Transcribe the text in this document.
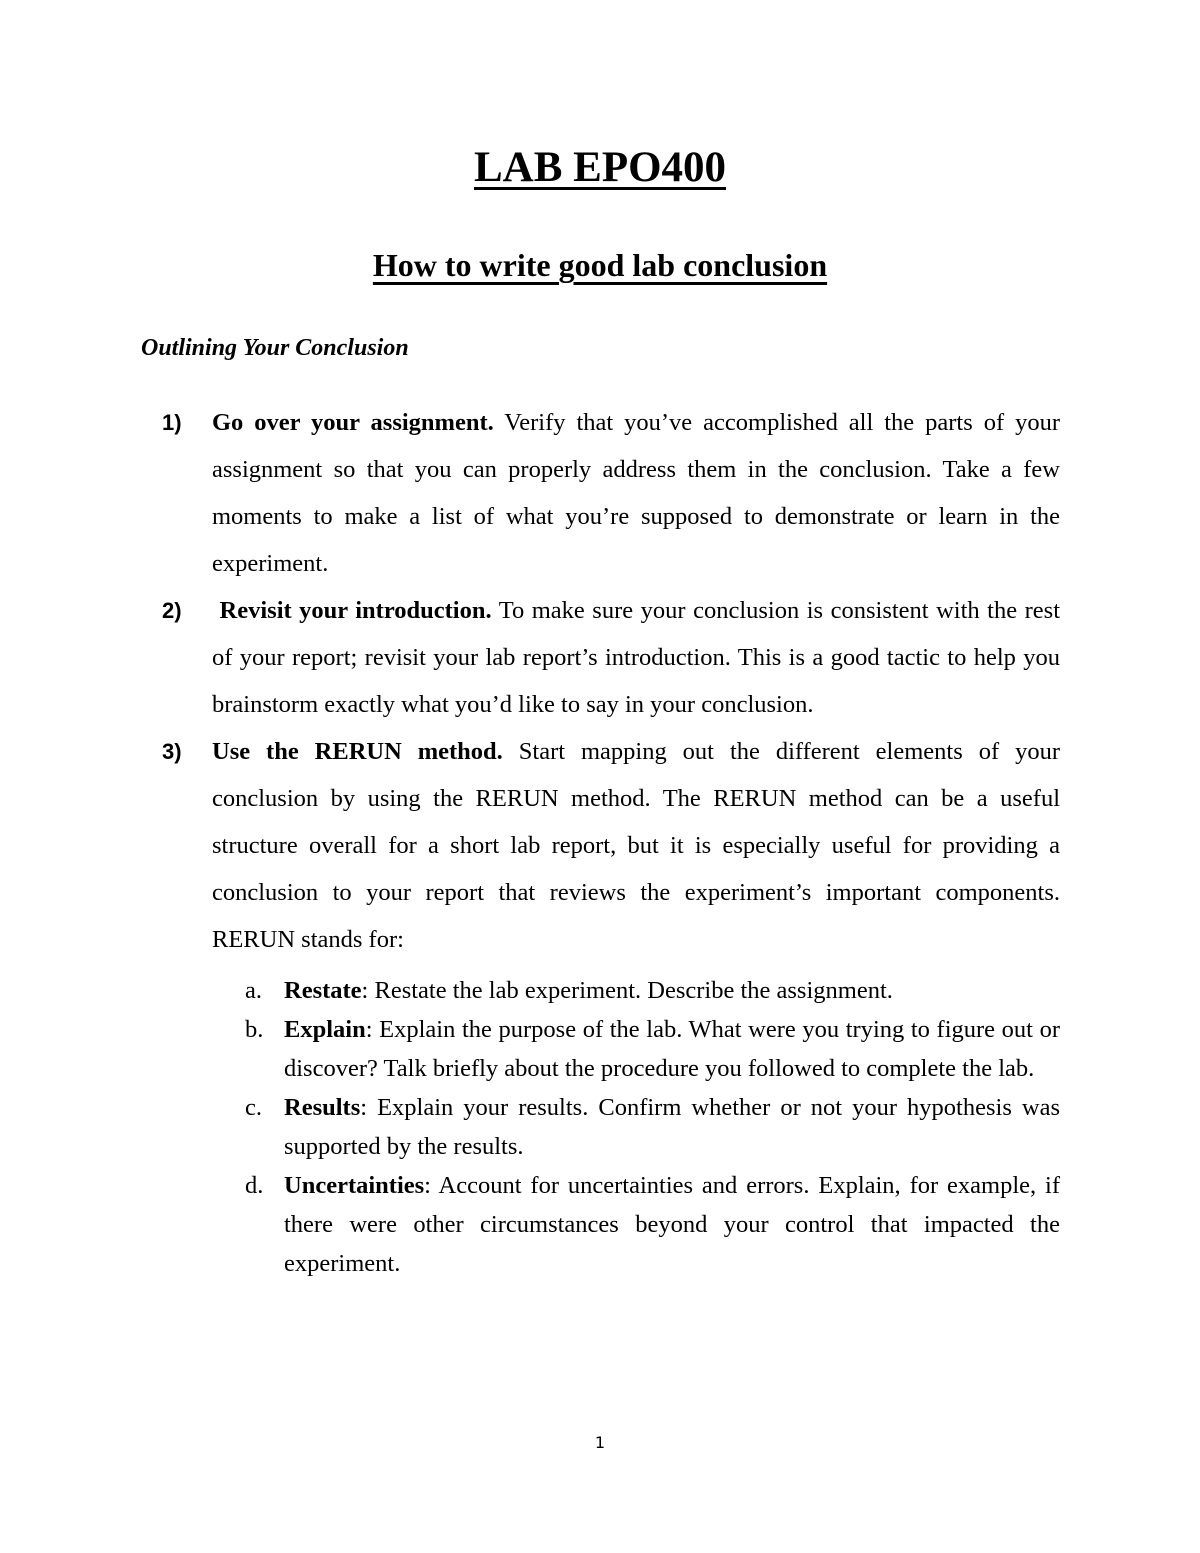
LAB EPO400
How to write good lab conclusion
Outlining Your Conclusion
1) Go over your assignment. Verify that you’ve accomplished all the parts of your assignment so that you can properly address them in the conclusion. Take a few moments to make a list of what you’re supposed to demonstrate or learn in the experiment.
2) Revisit your introduction. To make sure your conclusion is consistent with the rest of your report; revisit your lab report’s introduction. This is a good tactic to help you brainstorm exactly what you’d like to say in your conclusion.
3) Use the RERUN method. Start mapping out the different elements of your conclusion by using the RERUN method. The RERUN method can be a useful structure overall for a short lab report, but it is especially useful for providing a conclusion to your report that reviews the experiment’s important components. RERUN stands for:
a. Restate: Restate the lab experiment. Describe the assignment.
b. Explain: Explain the purpose of the lab. What were you trying to figure out or discover? Talk briefly about the procedure you followed to complete the lab.
c. Results: Explain your results. Confirm whether or not your hypothesis was supported by the results.
d. Uncertainties: Account for uncertainties and errors. Explain, for example, if there were other circumstances beyond your control that impacted the experiment.
1
